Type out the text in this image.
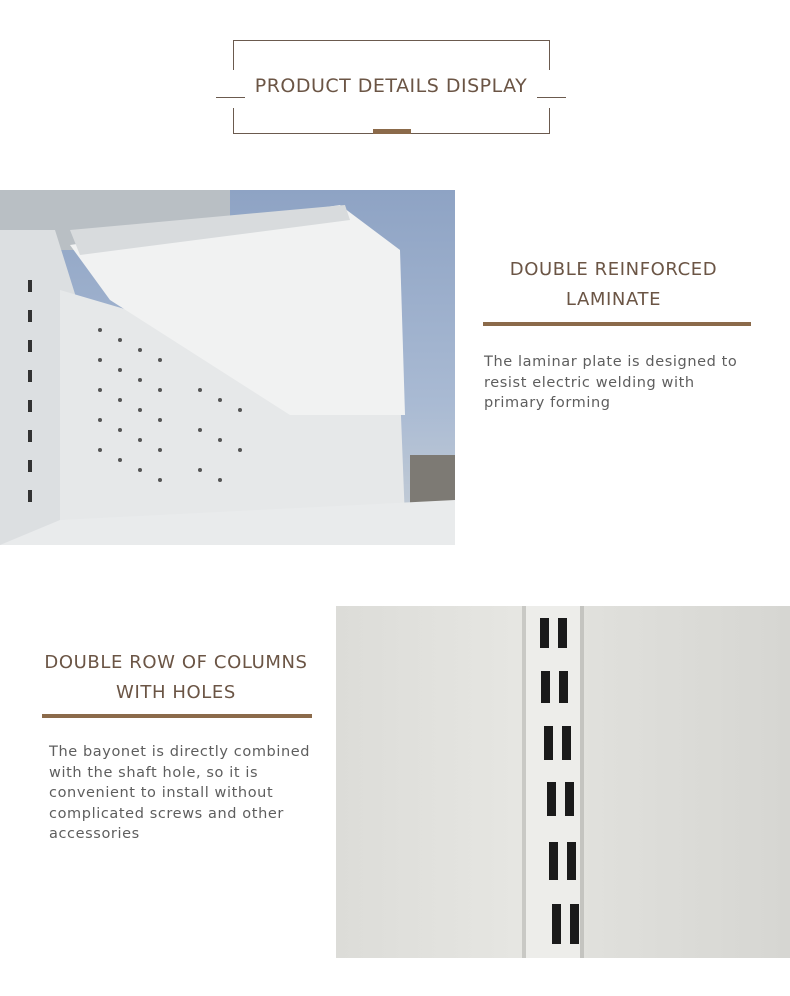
PRODUCT DETAILS DISPLAY
DOUBLE REINFORCED
LAMINATE
The laminar plate is designed to resist electric welding with primary forming
DOUBLE ROW OF COLUMNS
WITH HOLES
The bayonet is directly combined with the shaft hole, so it is convenient to install without complicated screws and other accessories
